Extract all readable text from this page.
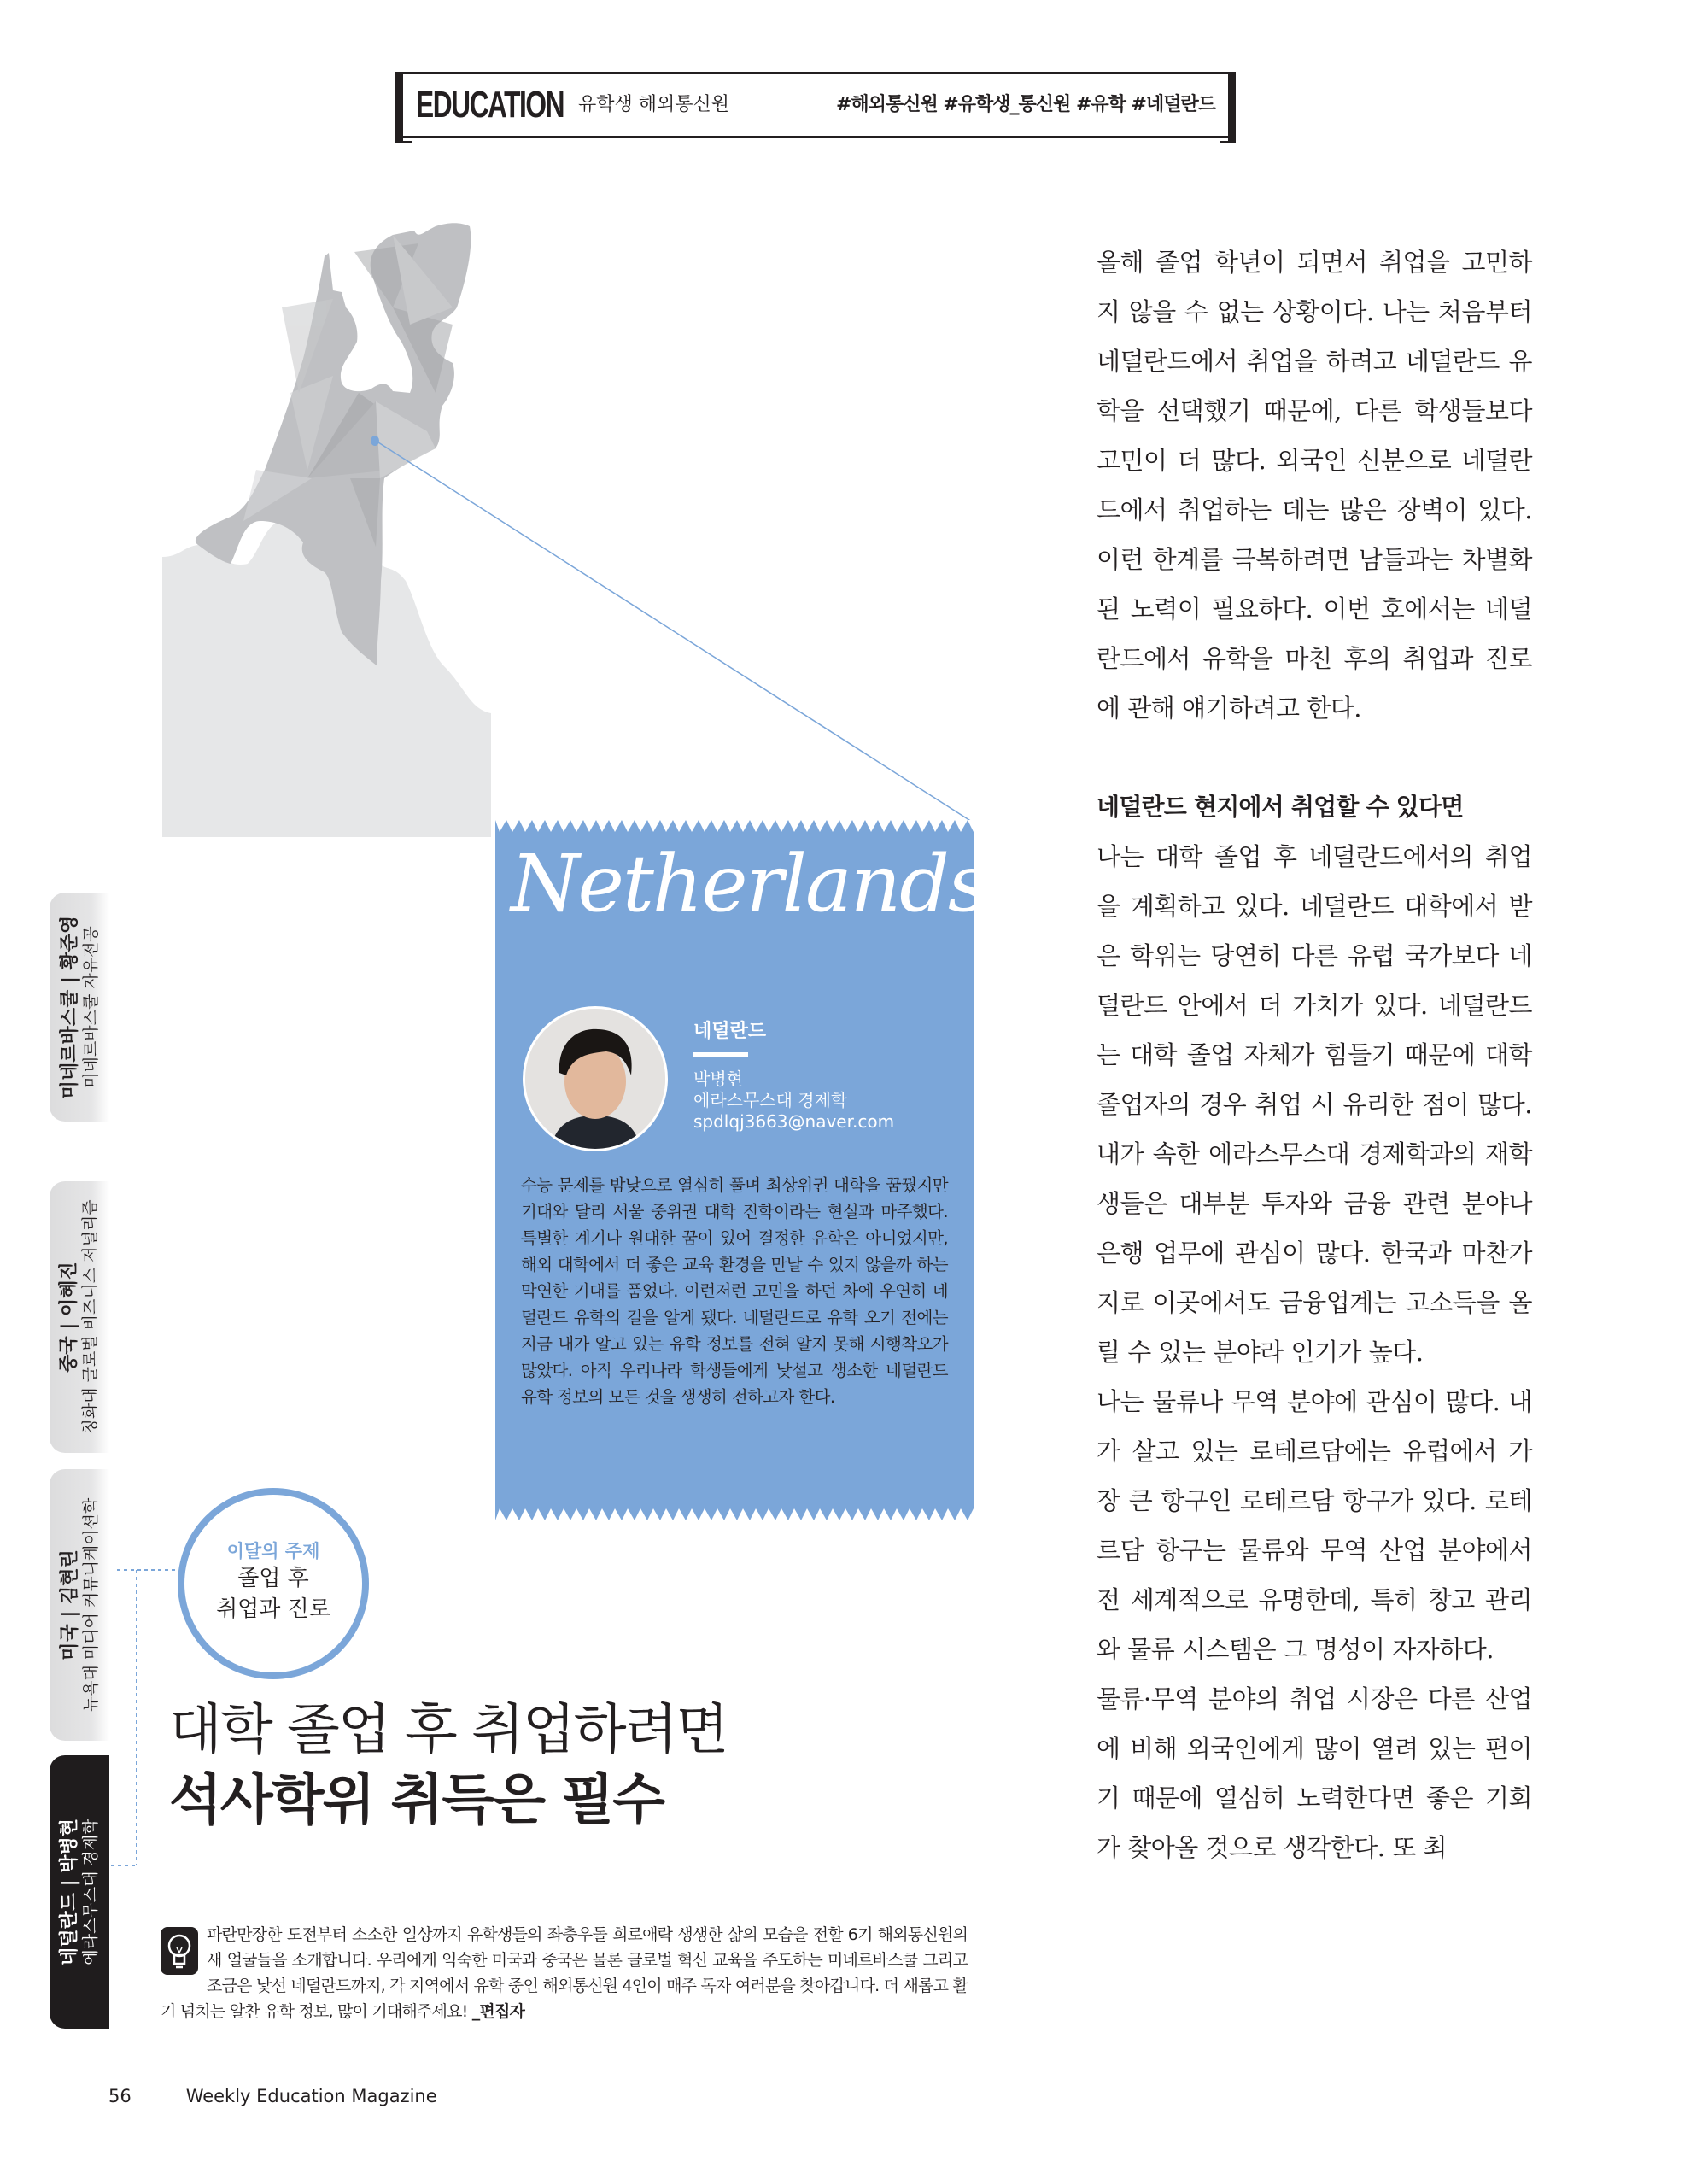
EDUCATION 유학생 해외통신원	#해외통신원 #유학생_통신원 #유학 #네덜란드
Netherlands
네덜란드
박병현
에라스무스대 경제학
spdlqj3663@naver.com
수능 문제를 밤낮으로 열심히 풀며 최상위권 대학을 꿈꿨지만 기대와 달리 서울 중위권 대학 진학이라는 현실과 마주했다. 특별한 계기나 원대한 꿈이 있어 결정한 유학은 아니었지만, 해외 대학에서 더 좋은 교육 환경을 만날 수 있지 않을까 하는 막연한 기대를 품었다. 이런저런 고민을 하던 차에 우연히 네덜란드 유학의 길을 알게 됐다. 네덜란드로 유학 오기 전에는 지금 내가 알고 있는 유학 정보를 전혀 알지 못해 시행착오가 많았다. 아직 우리나라 학생들에게 낯설고 생소한 네덜란드 유학 정보의 모든 것을 생생히 전하고자 한다.
미네르바스쿨 | 황준영 미네르바스쿨 자유전공
중국 | 이혜진 칭화대 글로벌 비즈니스 저널리즘
미국 | 김현린 뉴욕대 미디어 커뮤니케이션학
네덜란드 | 박병현 에라스무스대 경제학
이달의 주제
졸업 후
취업과 진로
대학 졸업 후 취업하려면
석사학위 취득은 필수
파란만장한 도전부터 소소한 일상까지 유학생들의 좌충우돌 희로애락 생생한 삶의 모습을 전할 6기 해외통신원의 새 얼굴들을 소개합니다. 우리에게 익숙한 미국과 중국은 물론 글로벌 혁신 교육을 주도하는 미네르바스쿨 그리고 조금은 낯선 네덜란드까지, 각 지역에서 유학 중인 해외통신원 4인이 매주 독자 여러분을 찾아갑니다. 더 새롭고 활기 넘치는 알찬 유학 정보, 많이 기대해주세요! _편집자

올해 졸업 학년이 되면서 취업을 고민하지 않을 수 없는 상황이다. 나는 처음부터 네덜란드에서 취업을 하려고 네덜란드 유학을 선택했기 때문에, 다른 학생들보다 고민이 더 많다. 외국인 신분으로 네덜란드에서 취업하는 데는 많은 장벽이 있다. 이런 한계를 극복하려면 남들과는 차별화된 노력이 필요하다. 이번 호에서는 네덜란드에서 유학을 마친 후의 취업과 진로에 관해 얘기하려고 한다.

네덜란드 현지에서 취업할 수 있다면

나는 대학 졸업 후 네덜란드에서의 취업을 계획하고 있다. 네덜란드 대학에서 받은 학위는 당연히 다른 유럽 국가보다 네덜란드 안에서 더 가치가 있다. 네덜란드는 대학 졸업 자체가 힘들기 때문에 대학 졸업자의 경우 취업 시 유리한 점이 많다. 내가 속한 에라스무스대 경제학과의 재학생들은 대부분 투자와 금융 관련 분야나 은행 업무에 관심이 많다. 한국과 마찬가지로 이곳에서도 금융업계는 고소득을 올릴 수 있는 분야라 인기가 높다.

나는 물류나 무역 분야에 관심이 많다. 내가 살고 있는 로테르담에는 유럽에서 가장 큰 항구인 로테르담 항구가 있다. 로테르담 항구는 물류와 무역 산업 분야에서 전 세계적으로 유명한데, 특히 창고 관리와 물류 시스템은 그 명성이 자자하다.

물류·무역 분야의 취업 시장은 다른 산업에 비해 외국인에게 많이 열려 있는 편이기 때문에 열심히 노력한다면 좋은 기회가 찾아올 것으로 생각한다. 또 최

56	Weekly Education Magazine
